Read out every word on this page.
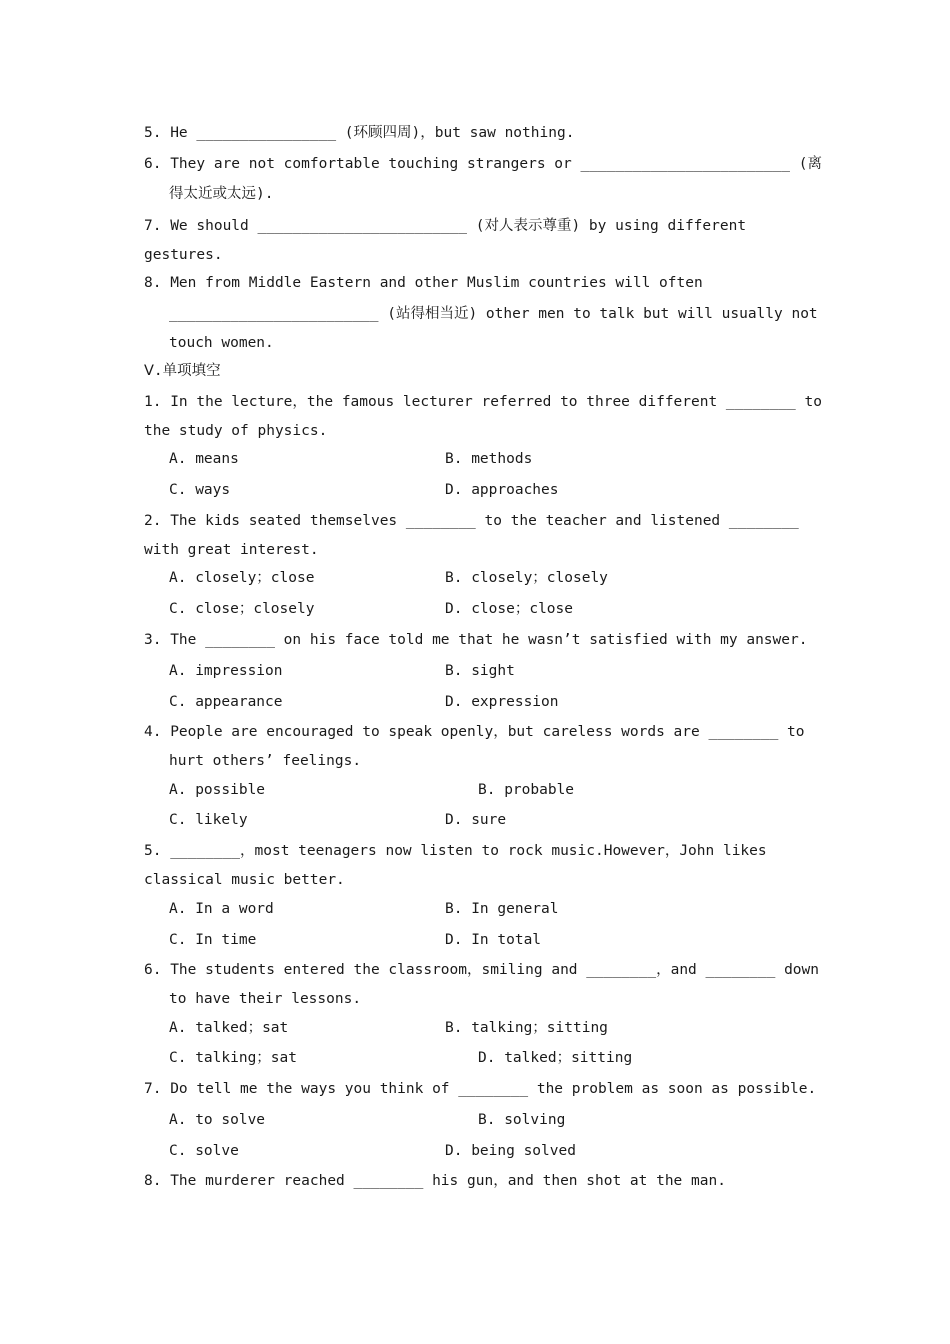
5. He ________________ (环顾四周)，but saw nothing.
6. They are not comfortable touching strangers or ________________________ (离
得太近或太远).
7. We should ________________________ (对人表示尊重) by using different
gestures.
8. Men from Middle Eastern and other Muslim countries will often
________________________ (站得相当近) other men to talk but will usually not
touch women.
Ⅴ.单项填空
1. In the lecture，the famous lecturer referred to three different ________ to
the study of physics.
A. means	B. methods
C. ways	D. approaches
2. The kids seated themselves ________ to the teacher and listened ________
with great interest.
A. closely；close	B. closely；closely
C. close；closely	D. close；close
3. The ________ on his face told me that he wasn’t satisfied with my answer.
A. impression	B. sight
C. appearance	D. expression
4. People are encouraged to speak openly，but careless words are ________ to
hurt others’ feelings.
A. possible	B. probable
C. likely	D. sure
5. ________，most teenagers now listen to rock music.However，John likes
classical music better.
A. In a word	B. In general
C. In time	D. In total
6. The students entered the classroom，smiling and ________，and ________ down
to have their lessons.
A. talked；sat	B. talking；sitting
C. talking；sat	D. talked；sitting
7. Do tell me the ways you think of ________ the problem as soon as possible.
A. to solve	B. solving
C. solve	D. being solved
8. The murderer reached ________ his gun，and then shot at the man.
